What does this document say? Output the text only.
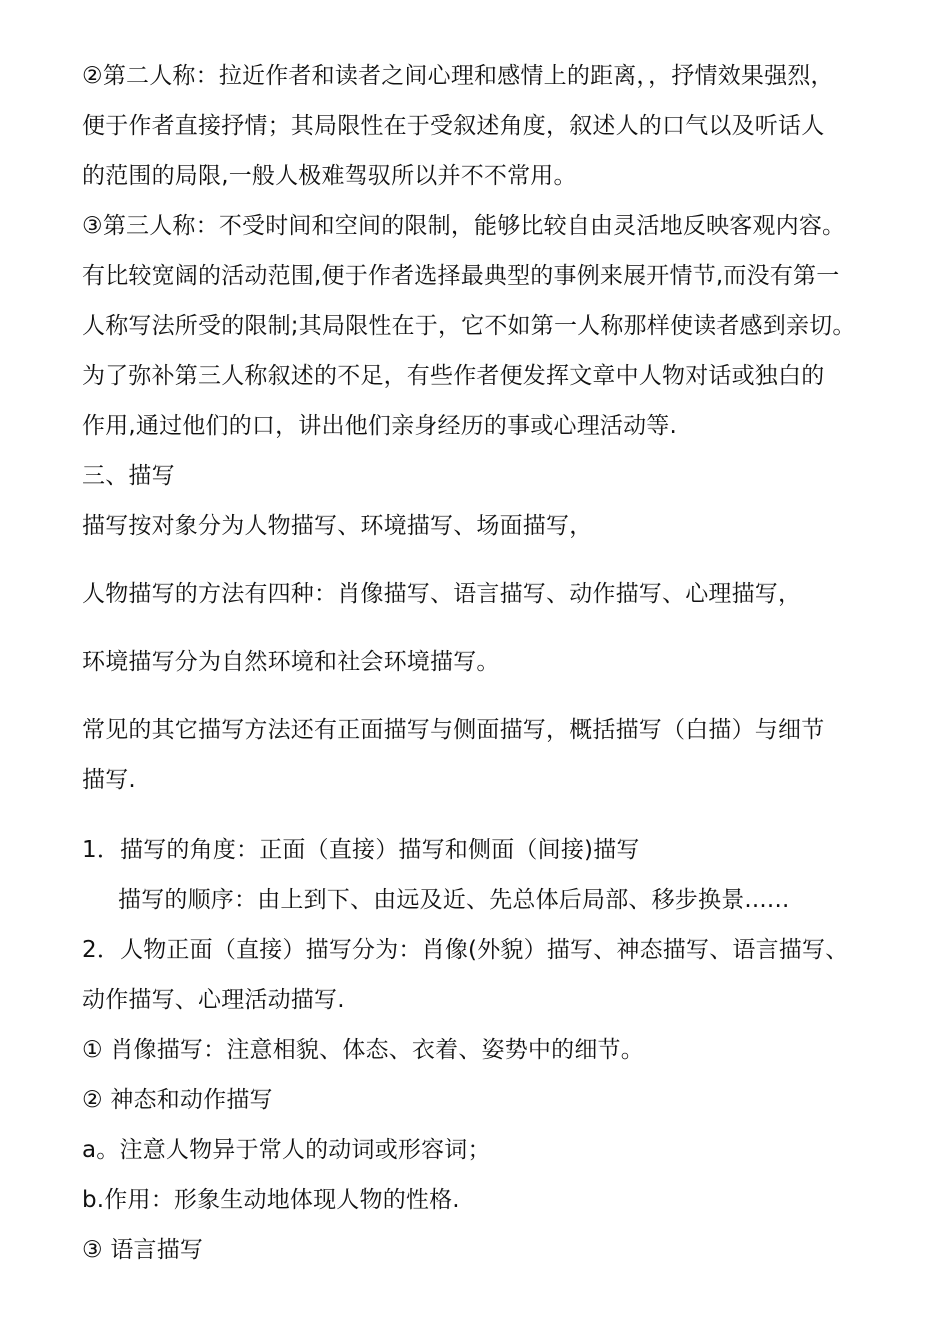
②第二人称：拉近作者和读者之间心理和感情上的距离，，抒情效果强烈，
便于作者直接抒情；其局限性在于受叙述角度，叙述人的口气以及听话人
的范围的局限,一般人极难驾驭所以并不不常用。
③第三人称：不受时间和空间的限制，能够比较自由灵活地反映客观内容。
有比较宽阔的活动范围,便于作者选择最典型的事例来展开情节,而没有第一
人称写法所受的限制;其局限性在于，它不如第一人称那样使读者感到亲切。
为了弥补第三人称叙述的不足，有些作者便发挥文章中人物对话或独白的
作用,通过他们的口，讲出他们亲身经历的事或心理活动等.
三、描写
描写按对象分为人物描写、环境描写、场面描写，
人物描写的方法有四种：肖像描写、语言描写、动作描写、心理描写，
环境描写分为自然环境和社会环境描写。
常见的其它描写方法还有正面描写与侧面描写，概括描写（白描）与细节
描写.
1．描写的角度：正面（直接）描写和侧面（间接)描写
描写的顺序：由上到下、由远及近、先总体后局部、移步换景......
2．人物正面（直接）描写分为：肖像(外貌）描写、神态描写、语言描写、
动作描写、心理活动描写.
① 肖像描写：注意相貌、体态、衣着、姿势中的细节。
② 神态和动作描写
a。注意人物异于常人的动词或形容词；
b.作用：形象生动地体现人物的性格.
③ 语言描写
